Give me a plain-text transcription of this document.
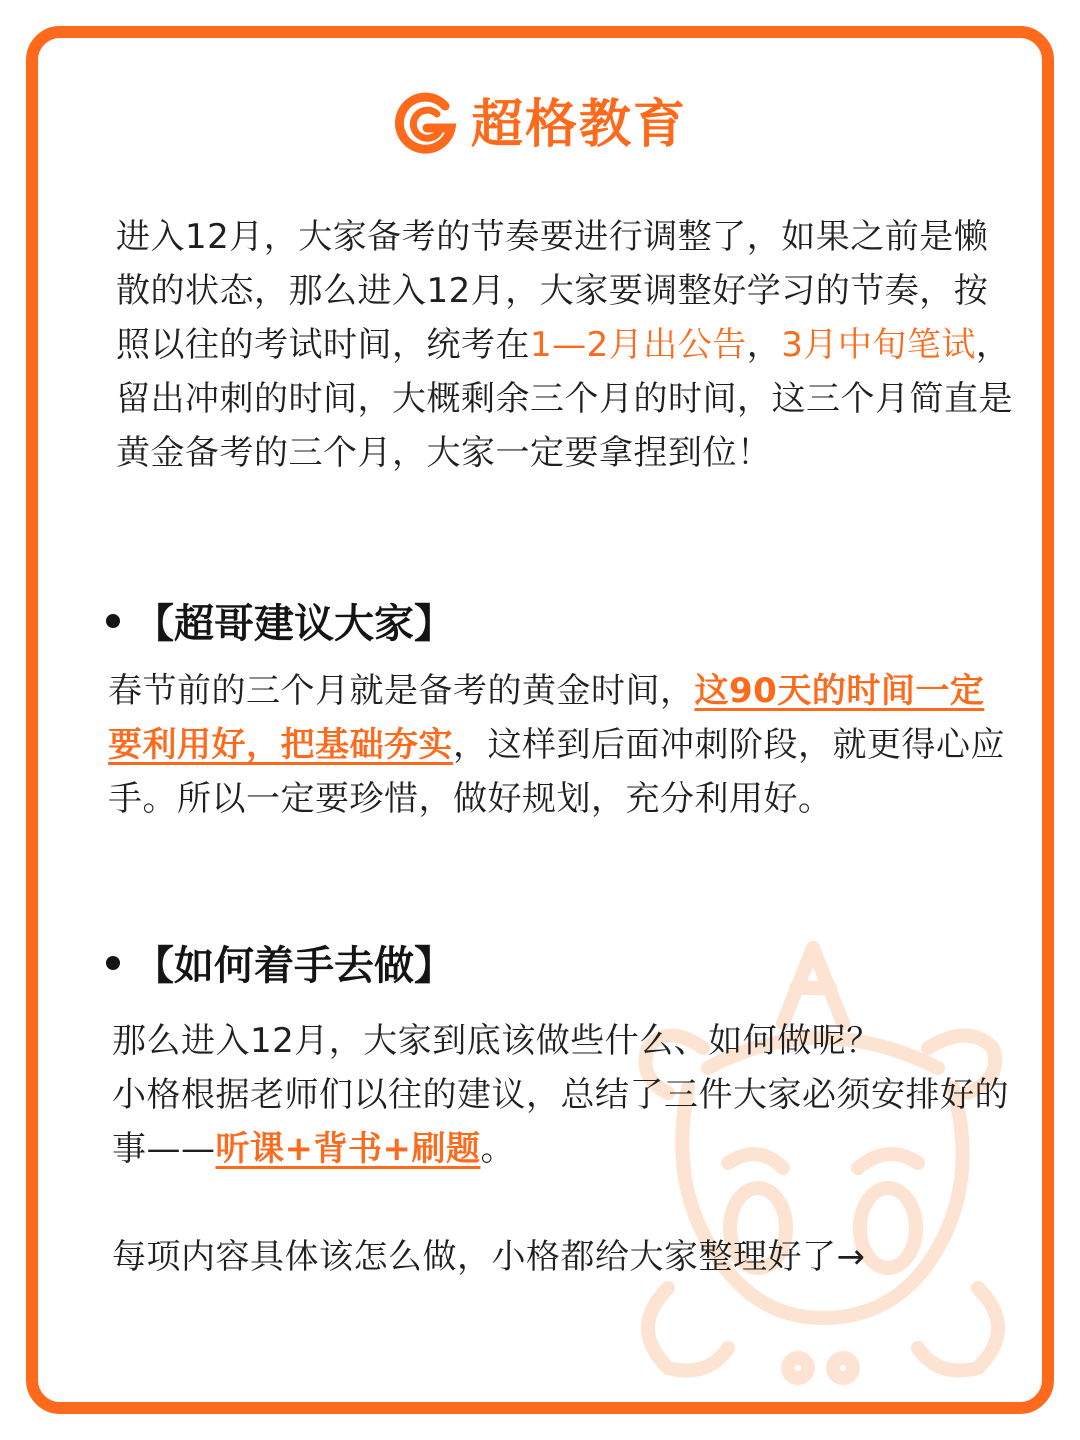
超格教育
进入12月，大家备考的节奏要进行调整了，如果之前是懒散的状态，那么进入12月，大家要调整好学习的节奏，按照以往的考试时间，统考在1—2月出公告，3月中旬笔试，留出冲刺的时间，大概剩余三个月的时间，这三个月简直是黄金备考的三个月，大家一定要拿捏到位！
【超哥建议大家】
春节前的三个月就是备考的黄金时间，这90天的时间一定要利用好，把基础夯实，这样到后面冲刺阶段，就更得心应手。所以一定要珍惜，做好规划，充分利用好。
【如何着手去做】
那么进入12月，大家到底该做些什么、如何做呢？
小格根据老师们以往的建议，总结了三件大家必须安排好的事——听课+背书+刷题。
每项内容具体该怎么做，小格都给大家整理好了→
